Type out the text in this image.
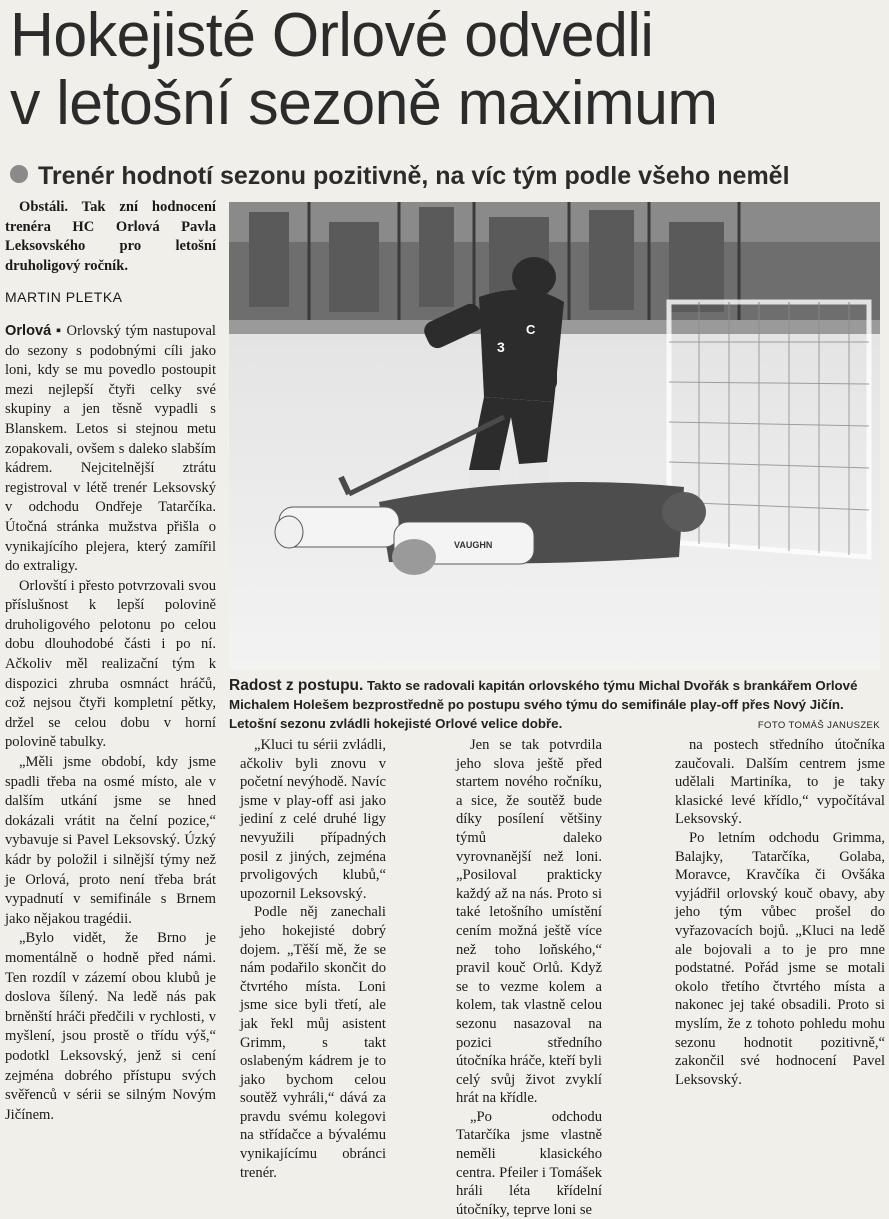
Hokejisté Orlové odvedli
v letošní sezoně maximum
Trenér hodnotí sezonu pozitivně, na víc tým podle všeho neměl

Obstáli. Tak zní hodnocení trenéra HC Orlová Pavla Leksovského pro letošní druholigový ročník.

MARTIN PLETKA

Orlová ▪ Orlovský tým nastupoval do sezony s podobnými cíli jako loni, kdy se mu povedlo postoupit mezi nejlepší čtyři celky své skupiny a jen těsně vypadli s Blanskem. Letos si stejnou metu zopakovali, ovšem s daleko slabším kádrem. Nejcitelnější ztrátu registroval v létě trenér Leksovský v odchodu Ondřeje Tatarčíka. Útočná stránka mužstva přišla o vynikajícího plejera, který zamířil do extraligy.

Orlovští i přesto potvrzovali svou příslušnost k lepší polovině druholigového pelotonu po celou dobu dlouhodobé části i po ní. Ačkoliv měl realizační tým k dispozici zhruba osmnáct hráčů, což nejsou čtyři kompletní pětky, držel se celou dobu v horní polovině tabulky.

„Měli jsme období, kdy jsme spadli třeba na osmé místo, ale v dalším utkání jsme se hned dokázali vrátit na čelní pozice,“ vybavuje si Pavel Leksovský. Úzký kádr by položil i silnější týmy než je Orlová, proto není třeba brát vypadnutí v semifinále s Brnem jako nějakou tragédii.

„Bylo vidět, že Brno je momentálně o hodně před námi. Ten rozdíl v zázemí obou klubů je doslova šílený. Na ledě nás pak brněnští hráči předčili v rychlosti, v myšlení, jsou prostě o třídu výš,“ podotkl Leksovský, jenž si cení zejména dobrého přístupu svých svěřenců v sérii se silným Novým Jičínem.

3
C
VAUGHN
Radost z postupu. Takto se radovali kapitán orlovského týmu Michal Dvořák s brankářem Orlové Michalem Holešem bezprostředně po postupu svého týmu do semifinále play-off přes Nový Jičín. Letošní sezonu zvládli hokejisté Orlové velice dobře.	FOTO TOMÁŠ JANUSZEK

„Kluci tu sérii zvládli, ačkoliv byli znovu v početní nevýhodě. Navíc jsme v play-off asi jako jediní z celé druhé ligy nevyužili případných posil z jiných, zejména prvoligových klubů,“ upozornil Leksovský.

Podle něj zanechali jeho hokejisté dobrý dojem. „Těší mě, že se nám podařilo skončit do čtvrtého místa. Loni jsme sice byli třetí, ale jak řekl můj asistent Grimm, s takt oslabeným kádrem je to jako bychom celou soutěž vyhráli,“ dává za pravdu svému kolegovi na střídačce a bývalému vynikajícímu obránci trenér.

Jen se tak potvrdila jeho slova ještě před startem nového ročníku, a sice, že soutěž bude díky posílení většiny týmů daleko vyrovnanější než loni. „Posiloval prakticky každý až na nás. Proto si také letošního umístění cením možná ještě více než toho loňského,“ pravil kouč Orlů. Když se to vezme kolem a kolem, tak vlastně celou sezonu nasazoval na pozici středního útočníka hráče, kteří byli celý svůj život zvyklí hrát na křídle.

„Po odchodu Tatarčíka jsme vlastně neměli klasického centra. Pfeiler i Tomášek hráli léta křídelní útočníky, teprve loni se

na postech středního útočníka zaučovali. Dalším centrem jsme udělali Martiníka, to je taky klasické levé křídlo,“ vypočítával Leksovský.

Po letním odchodu Grimma, Balajky, Tatarčíka, Golaba, Moravce, Kravčíka či Ovšáka vyjádřil orlovský kouč obavy, aby jeho tým vůbec prošel do vyřazovacích bojů. „Kluci na ledě ale bojovali a to je pro mne podstatné. Pořád jsme se motali okolo třetího čtvrtého místa a nakonec jej také obsadili. Proto si myslím, že z tohoto pohledu mohu sezonu hodnotit pozitivně,“ zakončil své hodnocení Pavel Leksovský.
